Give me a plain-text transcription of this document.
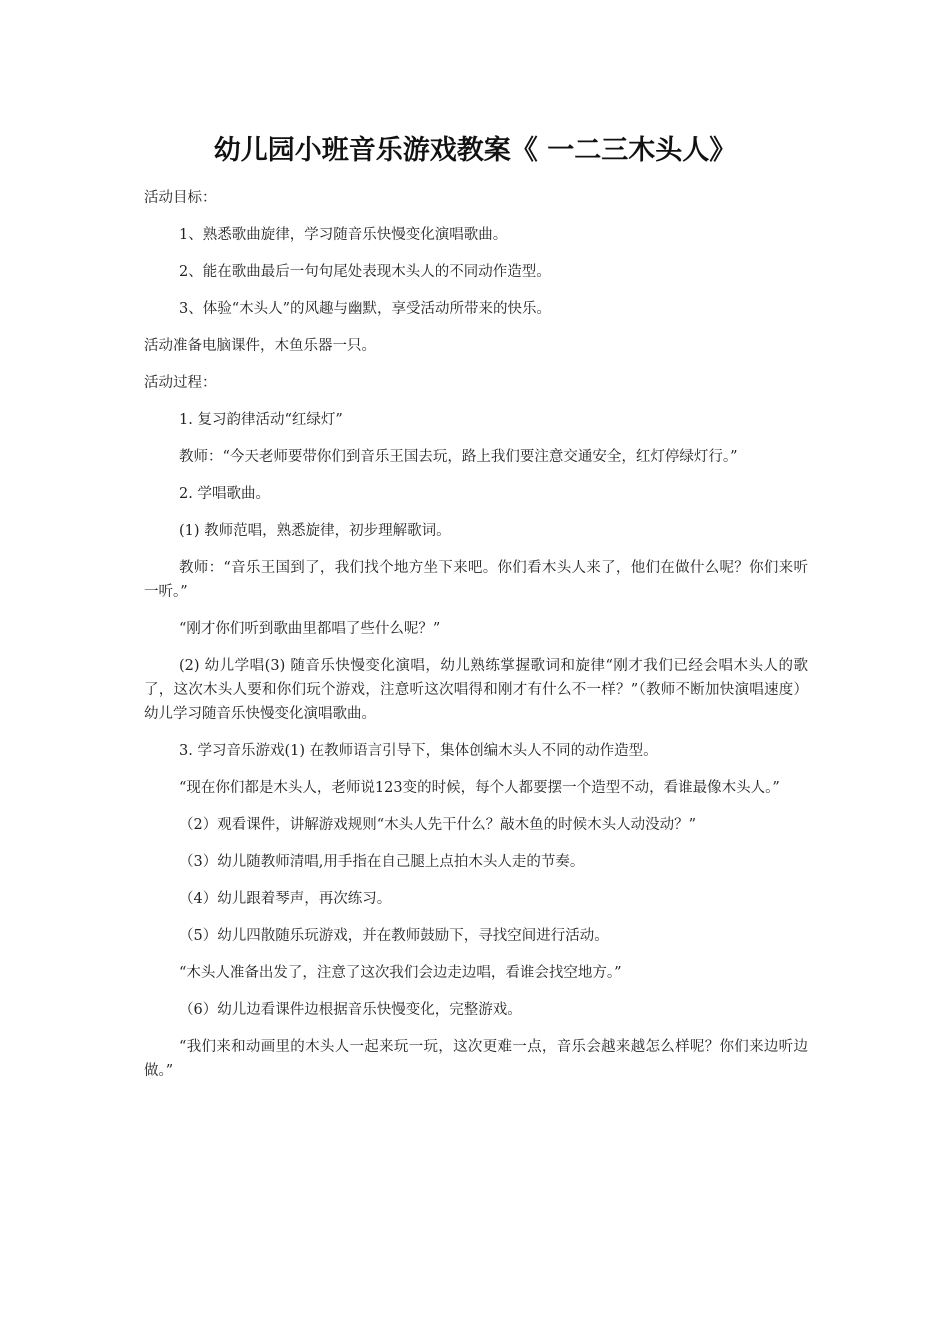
幼儿园小班音乐游戏教案《 一二三木头人》

活动目标：

1、熟悉歌曲旋律，学习随音乐快慢变化演唱歌曲。

2、能在歌曲最后一句句尾处表现木头人的不同动作造型。

3、体验“木头人”的风趣与幽默，享受活动所带来的快乐。

活动准备电脑课件，木鱼乐器一只。

活动过程：

1. 复习韵律活动“红绿灯”

教师：“今天老师要带你们到音乐王国去玩，路上我们要注意交通安全，红灯停绿灯行。”

2. 学唱歌曲。

(1) 教师范唱，熟悉旋律，初步理解歌词。

教师：“音乐王国到了，我们找个地方坐下来吧。你们看木头人来了，他们在做什么呢？你们来听一听。”

“刚才你们听到歌曲里都唱了些什么呢？”

(2) 幼儿学唱(3) 随音乐快慢变化演唱，幼儿熟练掌握歌词和旋律“刚才我们已经会唱木头人的歌了，这次木头人要和你们玩个游戏，注意听这次唱得和刚才有什么不一样？”（教师不断加快演唱速度）幼儿学习随音乐快慢变化演唱歌曲。

3. 学习音乐游戏(1) 在教师语言引导下，集体创编木头人不同的动作造型。

“现在你们都是木头人，老师说123变的时候，每个人都要摆一个造型不动，看谁最像木头人。”

（2）观看课件，讲解游戏规则“木头人先干什么？敲木鱼的时候木头人动没动？”

（3）幼儿随教师清唱,用手指在自己腿上点拍木头人走的节奏。

（4）幼儿跟着琴声，再次练习。

（5）幼儿四散随乐玩游戏，并在教师鼓励下，寻找空间进行活动。

“木头人准备出发了，注意了这次我们会边走边唱，看谁会找空地方。”

（6）幼儿边看课件边根据音乐快慢变化，完整游戏。

“我们来和动画里的木头人一起来玩一玩，这次更难一点，音乐会越来越怎么样呢？你们来边听边做。”
